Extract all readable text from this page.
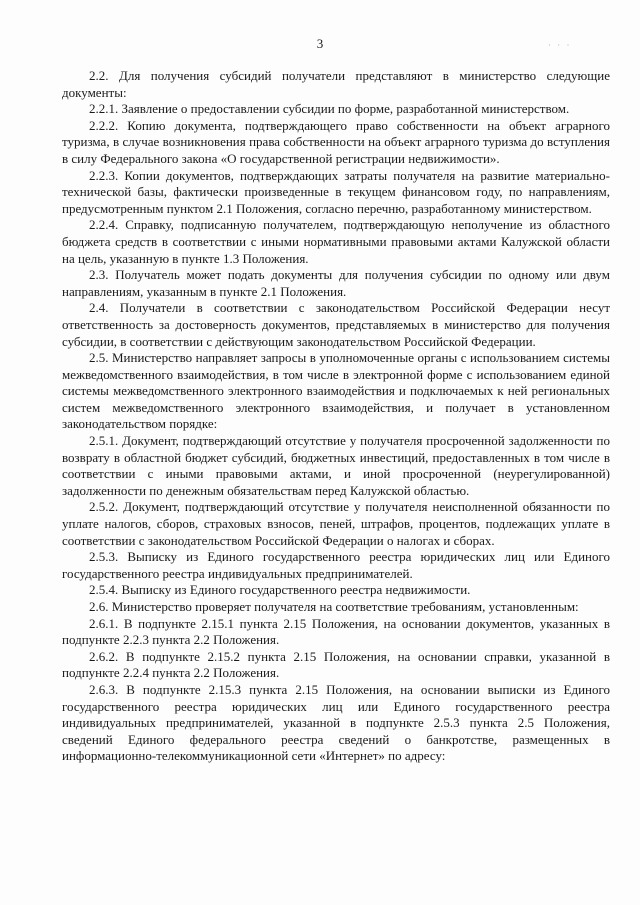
3	· · ·

2.2. Для получения субсидий получатели представляют в министерство следующие документы:

2.2.1. Заявление о предоставлении субсидии по форме, разработанной министерством.

2.2.2. Копию документа, подтверждающего право собственности на объект аграрного туризма, в случае возникновения права собственности на объект аграрного туризма до вступления в силу Федерального закона «О государственной регистрации недвижимости».

2.2.3. Копии документов, подтверждающих затраты получателя на развитие материально-технической базы, фактически произведенные в текущем финансовом году, по направлениям, предусмотренным пунктом 2.1 Положения, согласно перечню, разработанному министерством.

2.2.4. Справку, подписанную получателем, подтверждающую неполучение из областного бюджета средств в соответствии с иными нормативными правовыми актами Калужской области на цель, указанную в пункте 1.3 Положения.

2.3. Получатель может подать документы для получения субсидии по одному или двум направлениям, указанным в пункте 2.1 Положения.

2.4. Получатели в соответствии с законодательством Российской Федерации несут ответственность за достоверность документов, представляемых в министерство для получения субсидии, в соответствии с действующим законодательством Российской Федерации.

2.5. Министерство направляет запросы в уполномоченные органы с использованием системы межведомственного взаимодействия, в том числе в электронной форме с использованием единой системы межведомственного электронного взаимодействия и подключаемых к ней региональных систем межведомственного электронного взаимодействия, и получает в установленном законодательством порядке:

2.5.1. Документ, подтверждающий отсутствие у получателя просроченной задолженности по возврату в областной бюджет субсидий, бюджетных инвестиций, предоставленных в том числе в соответствии с иными правовыми актами, и иной просроченной (неурегулированной) задолженности по денежным обязательствам перед Калужской областью.

2.5.2. Документ, подтверждающий отсутствие у получателя неисполненной обязанности по уплате налогов, сборов, страховых взносов, пеней, штрафов, процентов, подлежащих уплате в соответствии с законодательством Российской Федерации о налогах и сборах.

2.5.3. Выписку из Единого государственного реестра юридических лиц или Единого государственного реестра индивидуальных предпринимателей.

2.5.4. Выписку из Единого государственного реестра недвижимости.

2.6. Министерство проверяет получателя на соответствие требованиям, установленным:

2.6.1. В подпункте 2.15.1 пункта 2.15 Положения, на основании документов, указанных в подпункте 2.2.3 пункта 2.2 Положения.

2.6.2. В подпункте 2.15.2 пункта 2.15 Положения, на основании справки, указанной в подпункте 2.2.4 пункта 2.2 Положения.

2.6.3. В подпункте 2.15.3 пункта 2.15 Положения, на основании выписки из Единого государственного реестра юридических лиц или Единого государственного реестра индивидуальных предпринимателей, указанной в подпункте 2.5.3 пункта 2.5 Положения, сведений Единого федерального реестра сведений о банкротстве, размещенных в информационно-телекоммуникационной сети «Интернет» по адресу:
